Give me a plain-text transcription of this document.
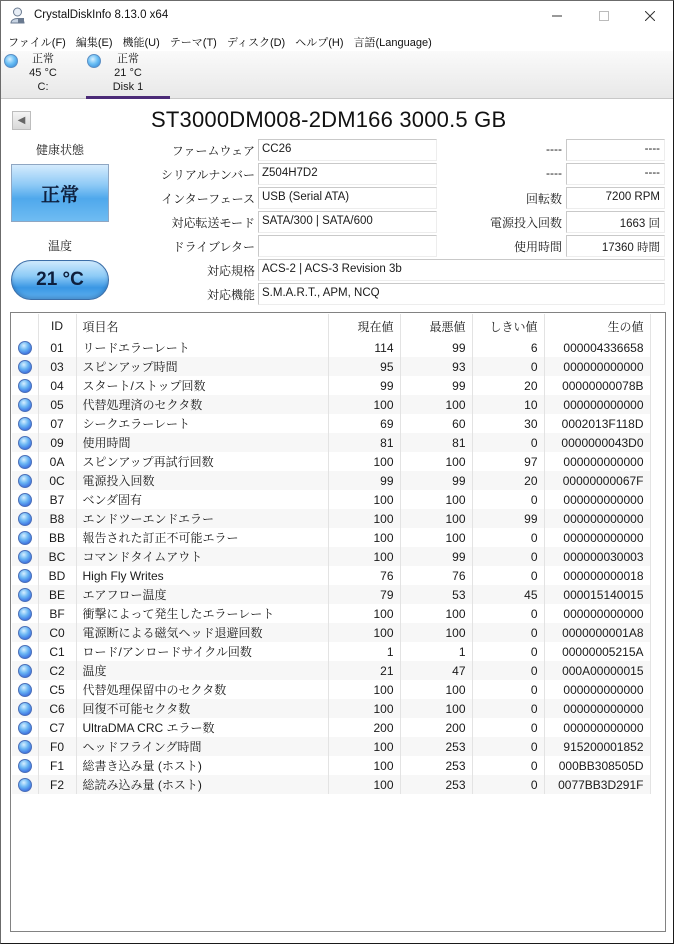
CrystalDiskInfo 8.13.0 x64
ファイル(F) 編集(E) 機能(U) テーマ(T) ディスク(D) ヘルプ(H) 言語(Language)
正常
45 °C
C:
正常
21 °C
Disk 1
◀	ST3000DM008-2DM166 3000.5 GB
健康状態
正常
温度
21 °C
ファームウェア CC26
シリアルナンバー Z504H7D2
インターフェース USB (Serial ATA)
対応転送モード SATA/300 | SATA/600
ドライブレター
対応規格 ACS-2 | ACS-3 Revision 3b
対応機能 S.M.A.R.T., APM, NCQ
----	----
----	----
回転数	7200 RPM
電源投入回数	1663 回
使用時間	17360 時間
	ID	項目名	現在値	最悪値	しきい値	生の値
	01	リードエラーレート	114	99	6	000004336658
	03	スピンアップ時間	95	93	0	000000000000
	04	スタート/ストップ回数	99	99	20	00000000078B
	05	代替処理済のセクタ数	100	100	10	000000000000
	07	シークエラーレート	69	60	30	0002013F118D
	09	使用時間	81	81	0	0000000043D0
	0A	スピンアップ再試行回数	100	100	97	000000000000
	0C	電源投入回数	99	99	20	00000000067F
	B7	ベンダ固有	100	100	0	000000000000
	B8	エンドツーエンドエラー	100	100	99	000000000000
	BB	報告された訂正不可能エラー	100	100	0	000000000000
	BC	コマンドタイムアウト	100	99	0	000000030003
	BD	High Fly Writes	76	76	0	000000000018
	BE	エアフロー温度	79	53	45	000015140015
	BF	衝撃によって発生したエラーレート	100	100	0	000000000000
	C0	電源断による磁気ヘッド退避回数	100	100	0	0000000001A8
	C1	ロード/アンロードサイクル回数	1	1	0	00000005215A
	C2	温度	21	47	0	000A00000015
	C5	代替処理保留中のセクタ数	100	100	0	000000000000
	C6	回復不可能セクタ数	100	100	0	000000000000
	C7	UltraDMA CRC エラー数	200	200	0	000000000000
	F0	ヘッドフライング時間	100	253	0	915200001852
	F1	総書き込み量 (ホスト)	100	253	0	000BB308505D
	F2	総読み込み量 (ホスト)	100	253	0	0077BB3D291F
